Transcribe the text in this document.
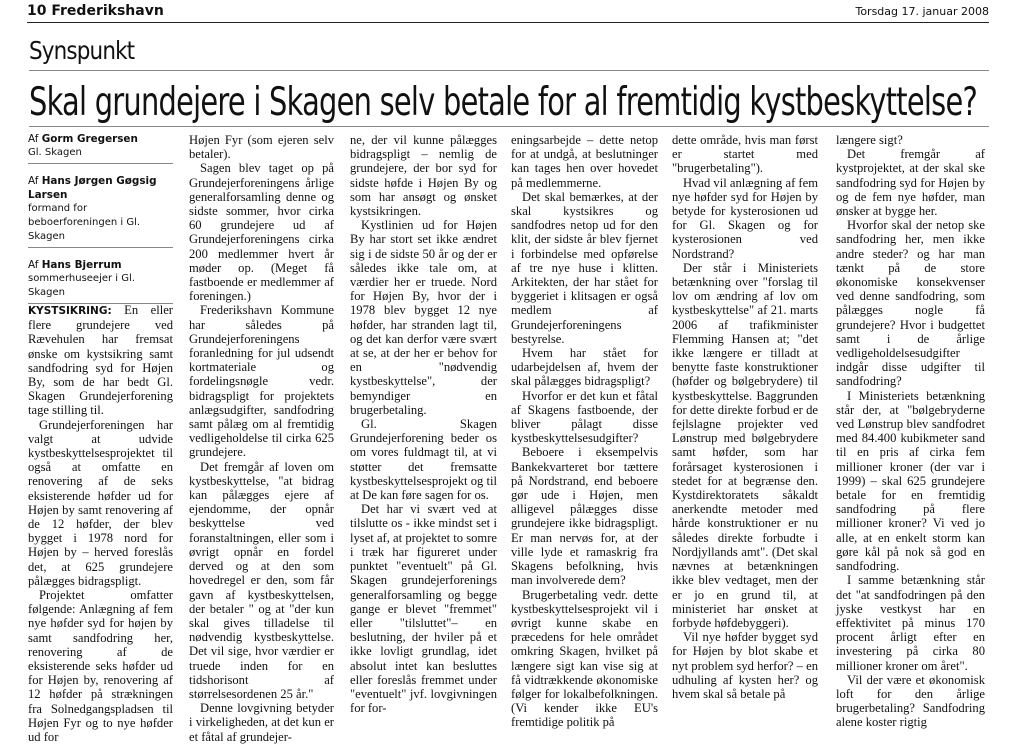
10 Frederikshavn	Torsdag 17. januar 2008
Synspunkt
Skal grundejere i Skagen selv betale for al fremtidig kystbeskyttelse?
Af Gorm Gregersen
Gl. Skagen
Af Hans Jørgen Gøgsig Larsen
formand for beboerforeningen i Gl. Skagen
Af Hans Bjerrum
sommerhuseejer i Gl. Skagen

KYSTSIKRING: En eller flere grundejere ved Rævehulen har fremsat ønske om kystsikring samt sandfodring syd for Højen By, som de har bedt Gl. Skagen Grundejerforening tage stilling til.

Grundejerforeningen har valgt at udvide kystbeskyttelsesprojektet til også at omfatte en renovering af de seks eksisterende høfder ud for Højen by samt renovering af de 12 høfder, der blev bygget i 1978 nord for Højen by – herved foreslås det, at 625 grundejere pålægges bidragspligt.

Projektet omfatter følgende: Anlægning af fem nye høfder syd for højen by samt sandfodring her, renovering af de eksisterende seks høfder ud for Højen by, renovering af 12 høfder på strækningen fra Solnedgangspladsen til Højen Fyr og to nye høfder ud for

Højen Fyr (som ejeren selv betaler).

Sagen blev taget op på Grundejerforeningens årlige generalforsamling denne og sidste sommer, hvor cirka 60 grundejere ud af Grundejerforeningens cirka 200 medlemmer hvert år møder op. (Meget få fastboende er medlemmer af foreningen.)

Frederikshavn Kommune har således på Grundejerforeningens foranledning for jul udsendt kortmateriale og fordelingsnøgle vedr. bidragspligt for projektets anlægsudgifter, sandfodring samt pålæg om al fremtidig vedligeholdelse til cirka 625 grundejere.

Det fremgår af loven om kystbeskyttelse, "at bidrag kan pålægges ejere af ejendomme, der opnår beskyttelse ved foranstaltningen, eller som i øvrigt opnår en fordel derved og at den som hovedregel er den, som får gavn af kystbeskyttelsen, der betaler " og at "der kun skal gives tilladelse til nødvendig kystbeskyttelse. Det vil sige, hvor værdier er truede inden for en tidshorisont af størrelsesordenen 25 år."

Denne lovgivning betyder i virkeligheden, at det kun er et fåtal af grundejer-

ne, der vil kunne pålægges bidragspligt – nemlig de grundejere, der bor syd for sidste høfde i Højen By og som har ansøgt og ønsket kystsikringen.

Kystlinien ud for Højen By har stort set ikke ændret sig i de sidste 50 år og der er således ikke tale om, at værdier her er truede. Nord for Højen By, hvor der i 1978 blev bygget 12 nye høfder, har stranden lagt til, og det kan derfor være svært at se, at der her er behov for en "nødvendig kystbeskyttelse", der bemyndiger en brugerbetaling.

Gl. Skagen Grundejerforening beder os om vores fuldmagt til, at vi støtter det fremsatte kystbeskyttelsesprojekt og til at De kan føre sagen for os.

Det har vi svært ved at tilslutte os - ikke mindst set i lyset af, at projektet to somre i træk har figureret under punktet "eventuelt" på Gl. Skagen grundejerforenings generalforsamling og begge gange er blevet "fremmet" eller "tilsluttet"– en beslutning, der hviler på et ikke lovligt grundlag, idet absolut intet kan besluttes eller foreslås fremmet under "eventuelt" jvf. lovgivningen for for-

eningsarbejde – dette netop for at undgå, at beslutninger kan tages hen over hovedet på medlemmerne.

Det skal bemærkes, at der skal kystsikres og sandfodres netop ud for den klit, der sidste år blev fjernet i forbindelse med opførelse af tre nye huse i klitten. Arkitekten, der har stået for byggeriet i klitsagen er også medlem af Grundejerforeningens bestyrelse.

Hvem har stået for udarbejdelsen af, hvem der skal pålægges bidragspligt?

Hvorfor er det kun et fåtal af Skagens fastboende, der bliver pålagt disse kystbeskyttelsesudgifter?

Beboere i eksempelvis Bankekvarteret bor tættere på Nordstrand, end beboere gør ude i Højen, men alligevel pålægges disse grundejere ikke bidragspligt. Er man nervøs for, at der ville lyde et ramaskrig fra Skagens befolkning, hvis man involverede dem?

Brugerbetaling vedr. dette kystbeskyttelsesprojekt vil i øvrigt kunne skabe en præcedens for hele området omkring Skagen, hvilket på længere sigt kan vise sig at få vidtrækkende økonomiske følger for lokalbefolkningen. (Vi kender ikke EU's fremtidige politik på

dette område, hvis man først er startet med "brugerbetaling").

Hvad vil anlægning af fem nye høfder syd for Højen by betyde for kysterosionen ud for Gl. Skagen og for kysterosionen ved Nordstrand?

Der står i Ministeriets betænkning over "forslag til lov om ændring af lov om kystbeskyttelse" af 21. marts 2006 af trafikminister Flemming Hansen at; "det ikke længere er tilladt at benytte faste konstruktioner (høfder og bølgebrydere) til kystbeskyttelse. Baggrunden for dette direkte forbud er de fejlslagne projekter ved Lønstrup med bølgebrydere samt høfder, som har forårsaget kysterosionen i stedet for at begrænse den. Kystdirektoratets såkaldt anerkendte metoder med hårde konstruktioner er nu således direkte forbudte i Nordjyllands amt". (Det skal nævnes at betænkningen ikke blev vedtaget, men der er jo en grund til, at ministeriet har ønsket at forbyde høfdebyggeri).

Vil nye høfder bygget syd for Højen by blot skabe et nyt problem syd herfor? – en udhuling af kysten her? og hvem skal så betale på

længere sigt?

Det fremgår af kystprojektet, at der skal ske sandfodring syd for Højen by og de fem nye høfder, man ønsker at bygge her.

Hvorfor skal der netop ske sandfodring her, men ikke andre steder? og har man tænkt på de store økonomiske konsekvenser ved denne sandfodring, som pålægges nogle få grundejere? Hvor i budgettet samt i de årlige vedligeholdelsesudgifter indgår disse udgifter til sandfodring?

I Ministeriets betænkning står der, at "bølgebryderne ved Lønstrup blev sandfodret med 84.400 kubikmeter sand til en pris af cirka fem millioner kroner (der var i 1999) – skal 625 grundejere betale for en fremtidig sandfodring på flere millioner kroner? Vi ved jo alle, at en enkelt storm kan gøre kål på nok så god en sandfodring.

I samme betænkning står det "at sandfodringen på den jyske vestkyst har en effektivitet på minus 170 procent årligt efter en investering på cirka 80 millioner kroner om året".

Vil der være et økonomisk loft for den årlige brugerbetaling? Sandfodring alene koster rigtig
